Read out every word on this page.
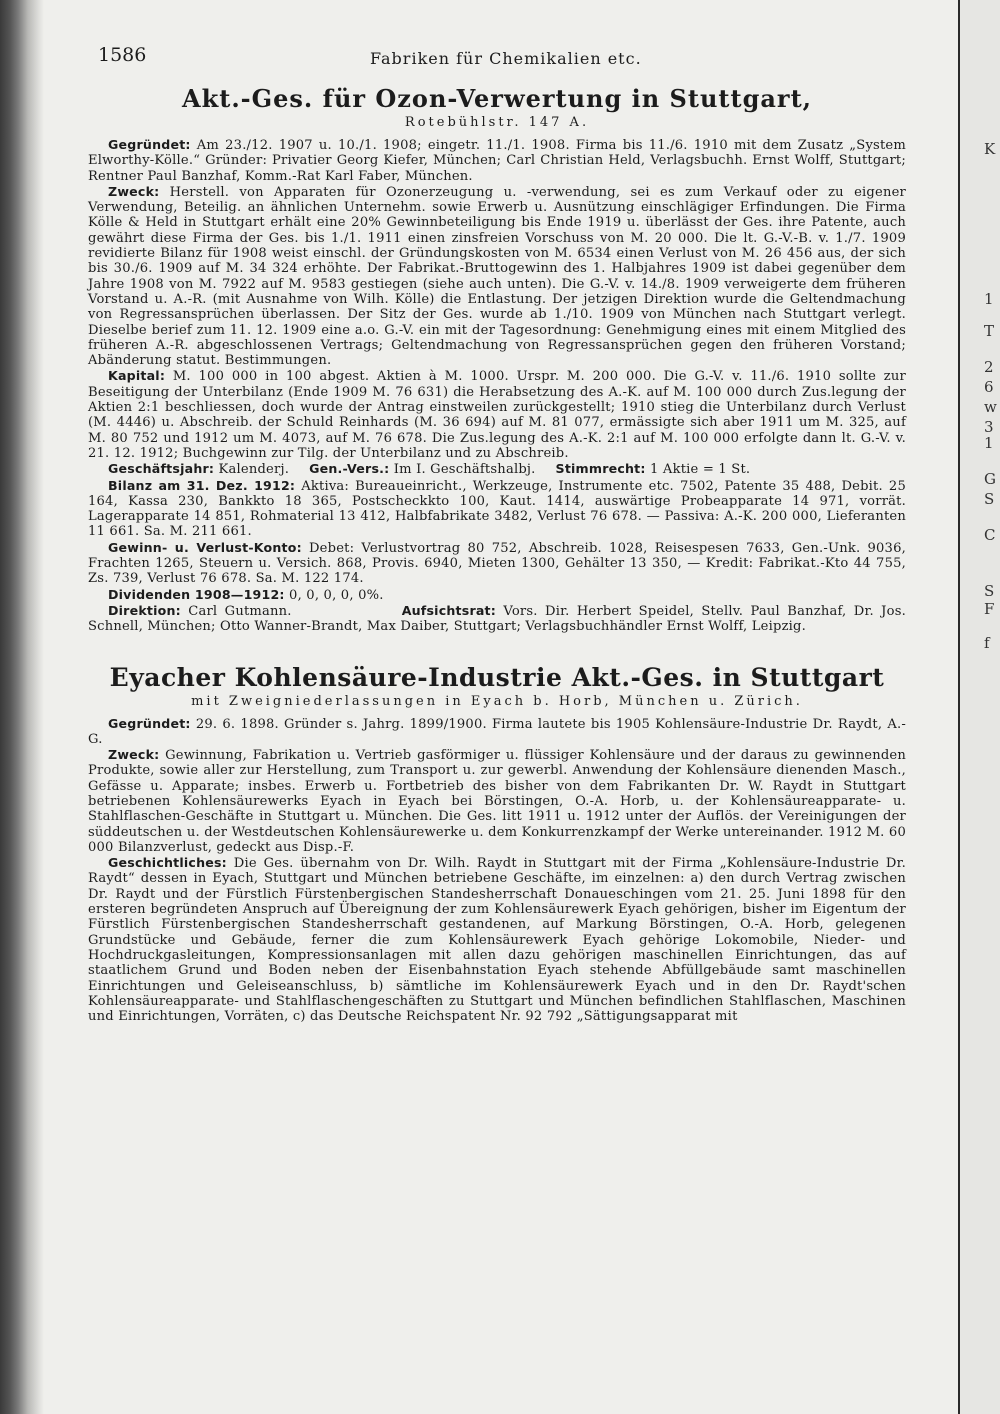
K
1
T
2
6
w
3
1
G
S
C
S
F
f
1586	Fabriken für Chemikalien etc.
Akt.-Ges. für Ozon-Verwertung in Stuttgart,
Rotebühlstr. 147 A.

Gegründet: Am 23./12. 1907 u. 10./1. 1908; eingetr. 11./1. 1908. Firma bis 11./6. 1910 mit dem Zusatz „System Elworthy-Kölle.“ Gründer: Privatier Georg Kiefer, München; Carl Christian Held, Verlagsbuchh. Ernst Wolff, Stuttgart; Rentner Paul Banzhaf, Komm.-Rat Karl Faber, München.

Zweck: Herstell. von Apparaten für Ozonerzeugung u. -verwendung, sei es zum Verkauf oder zu eigener Verwendung, Beteilig. an ähnlichen Unternehm. sowie Erwerb u. Ausnützung einschlägiger Erfindungen. Die Firma Kölle & Held in Stuttgart erhält eine 20% Gewinnbeteiligung bis Ende 1919 u. überlässt der Ges. ihre Patente, auch gewährt diese Firma der Ges. bis 1./1. 1911 einen zinsfreien Vorschuss von M. 20 000. Die lt. G.-V.-B. v. 1./7. 1909 revidierte Bilanz für 1908 weist einschl. der Gründungskosten von M. 6534 einen Verlust von M. 26 456 aus, der sich bis 30./6. 1909 auf M. 34 324 erhöhte. Der Fabrikat.-Bruttogewinn des 1. Halbjahres 1909 ist dabei gegenüber dem Jahre 1908 von M. 7922 auf M. 9583 gestiegen (siehe auch unten). Die G.-V. v. 14./8. 1909 verweigerte dem früheren Vorstand u. A.-R. (mit Ausnahme von Wilh. Kölle) die Entlastung. Der jetzigen Direktion wurde die Geltendmachung von Regressansprüchen überlassen. Der Sitz der Ges. wurde ab 1./10. 1909 von München nach Stuttgart verlegt. Dieselbe berief zum 11. 12. 1909 eine a.o. G.-V. ein mit der Tagesordnung: Genehmigung eines mit einem Mitglied des früheren A.-R. abgeschlossenen Vertrags; Geltendmachung von Regressansprüchen gegen den früheren Vorstand; Abänderung statut. Bestimmungen.

Kapital: M. 100 000 in 100 abgest. Aktien à M. 1000. Urspr. M. 200 000. Die G.-V. v. 11./6. 1910 sollte zur Beseitigung der Unterbilanz (Ende 1909 M. 76 631) die Herabsetzung des A.-K. auf M. 100 000 durch Zus.legung der Aktien 2:1 beschliessen, doch wurde der Antrag einstweilen zurückgestellt; 1910 stieg die Unterbilanz durch Verlust (M. 4446) u. Abschreib. der Schuld Reinhards (M. 36 694) auf M. 81 077, ermässigte sich aber 1911 um M. 325, auf M. 80 752 und 1912 um M. 4073, auf M. 76 678. Die Zus.legung des A.-K. 2:1 auf M. 100 000 erfolgte dann lt. G.-V. v. 21. 12. 1912; Buchgewinn zur Tilg. der Unterbilanz und zu Abschreib.

Geschäftsjahr: Kalenderj. Gen.-Vers.: Im I. Geschäftshalbj. Stimmrecht: 1 Aktie = 1 St.

Bilanz am 31. Dez. 1912: Aktiva: Bureaueinricht., Werkzeuge, Instrumente etc. 7502, Patente 35 488, Debit. 25 164, Kassa 230, Bankkto 18 365, Postscheckkto 100, Kaut. 1414, auswärtige Probeapparate 14 971, vorrät. Lagerapparate 14 851, Rohmaterial 13 412, Halbfabrikate 3482, Verlust 76 678. — Passiva: A.-K. 200 000, Lieferanten 11 661. Sa. M. 211 661.

Gewinn- u. Verlust-Konto: Debet: Verlustvortrag 80 752, Abschreib. 1028, Reisespesen 7633, Gen.-Unk. 9036, Frachten 1265, Steuern u. Versich. 868, Provis. 6940, Mieten 1300, Gehälter 13 350, — Kredit: Fabrikat.-Kto 44 755, Zs. 739, Verlust 76 678. Sa. M. 122 174.

Dividenden 1908—1912: 0, 0, 0, 0, 0%.

Direktion: Carl Gutmann.	Aufsichtsrat: Vors. Dir. Herbert Speidel, Stellv. Paul Banzhaf, Dr. Jos. Schnell, München; Otto Wanner-Brandt, Max Daiber, Stuttgart; Verlagsbuchhändler Ernst Wolff, Leipzig.

Eyacher Kohlensäure-Industrie Akt.-Ges. in Stuttgart
mit Zweigniederlassungen in Eyach b. Horb, München u. Zürich.

Gegründet: 29. 6. 1898. Gründer s. Jahrg. 1899/1900. Firma lautete bis 1905 Kohlensäure-Industrie Dr. Raydt, A.-G.

Zweck: Gewinnung, Fabrikation u. Vertrieb gasförmiger u. flüssiger Kohlensäure und der daraus zu gewinnenden Produkte, sowie aller zur Herstellung, zum Transport u. zur gewerbl. Anwendung der Kohlensäure dienenden Masch., Gefässe u. Apparate; insbes. Erwerb u. Fortbetrieb des bisher von dem Fabrikanten Dr. W. Raydt in Stuttgart betriebenen Kohlensäurewerks Eyach in Eyach bei Börstingen, O.-A. Horb, u. der Kohlensäureapparate- u. Stahlflaschen-Geschäfte in Stuttgart u. München. Die Ges. litt 1911 u. 1912 unter der Auflös. der Vereinigungen der süddeutschen u. der Westdeutschen Kohlensäurewerke u. dem Konkurrenzkampf der Werke untereinander. 1912 M. 60 000 Bilanzverlust, gedeckt aus Disp.-F.

Geschichtliches: Die Ges. übernahm von Dr. Wilh. Raydt in Stuttgart mit der Firma „Kohlensäure-Industrie Dr. Raydt“ dessen in Eyach, Stuttgart und München betriebene Geschäfte, im einzelnen: a) den durch Vertrag zwischen Dr. Raydt und der Fürstlich Fürstenbergischen Standesherrschaft Donaueschingen vom 21. 25. Juni 1898 für den ersteren begründeten Anspruch auf Übereignung der zum Kohlensäurewerk Eyach gehörigen, bisher im Eigentum der Fürstlich Fürstenbergischen Standesherrschaft gestandenen, auf Markung Börstingen, O.-A. Horb, gelegenen Grundstücke und Gebäude, ferner die zum Kohlensäurewerk Eyach gehörige Lokomobile, Nieder- und Hochdruckgasleitungen, Kompressionsanlagen mit allen dazu gehörigen maschinellen Einrichtungen, das auf staatlichem Grund und Boden neben der Eisenbahnstation Eyach stehende Abfüllgebäude samt maschinellen Einrichtungen und Geleiseanschluss, b) sämtliche im Kohlensäurewerk Eyach und in den Dr. Raydt'schen Kohlensäureapparate- und Stahlflaschengeschäften zu Stuttgart und München befindlichen Stahlflaschen, Maschinen und Einrichtungen, Vorräten, c) das Deutsche Reichspatent Nr. 92 792 „Sättigungsapparat mit
